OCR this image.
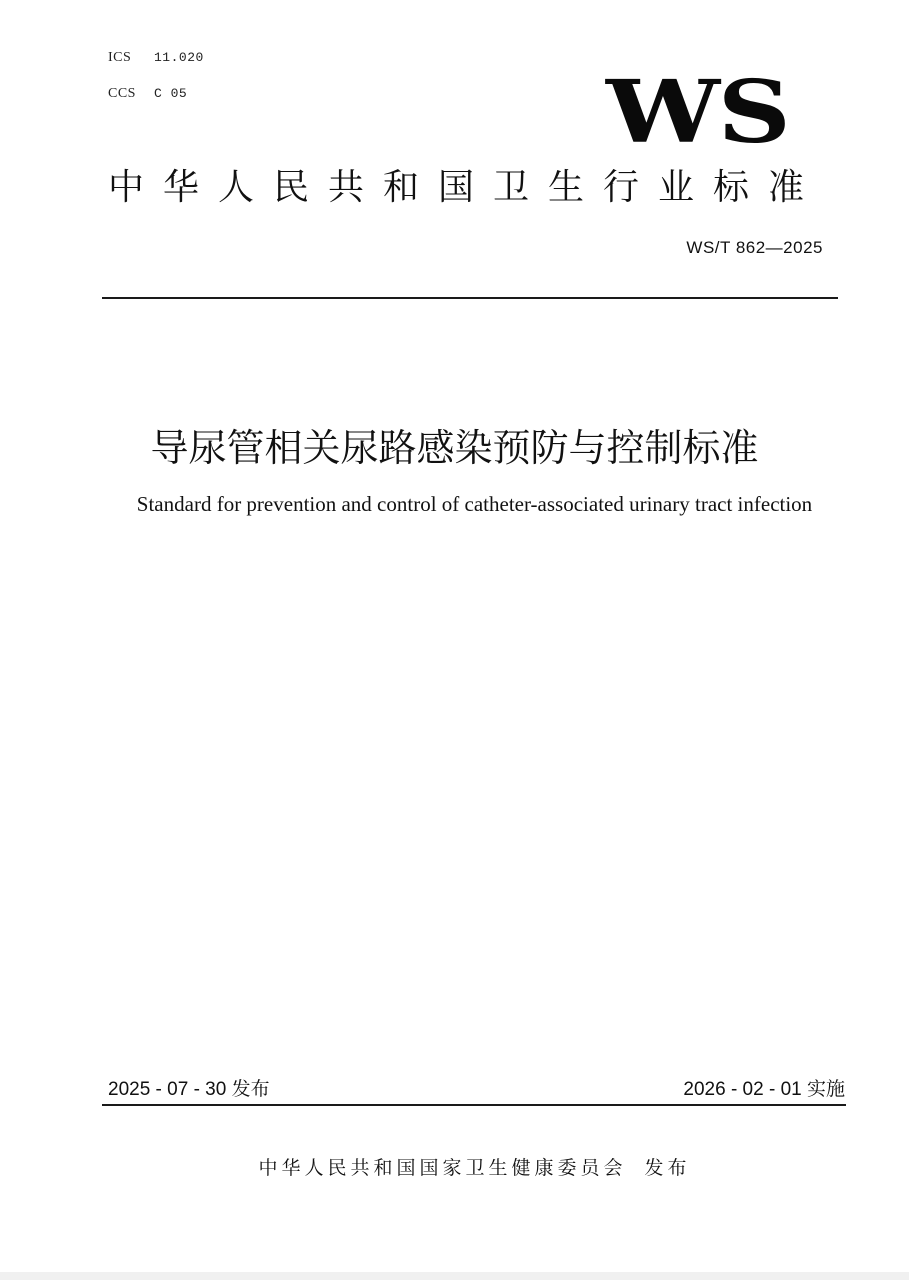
ICS 11.020
CCS C 05	WS
中华人民共和国卫生行业标准
WS/T 862—2025
导尿管相关尿路感染预防与控制标准
Standard for prevention and control of catheter-associated urinary tract infection
2025 - 07 - 30 发布	2026 - 02 - 01 实施
中华人民共和国国家卫生健康委员会 发布
